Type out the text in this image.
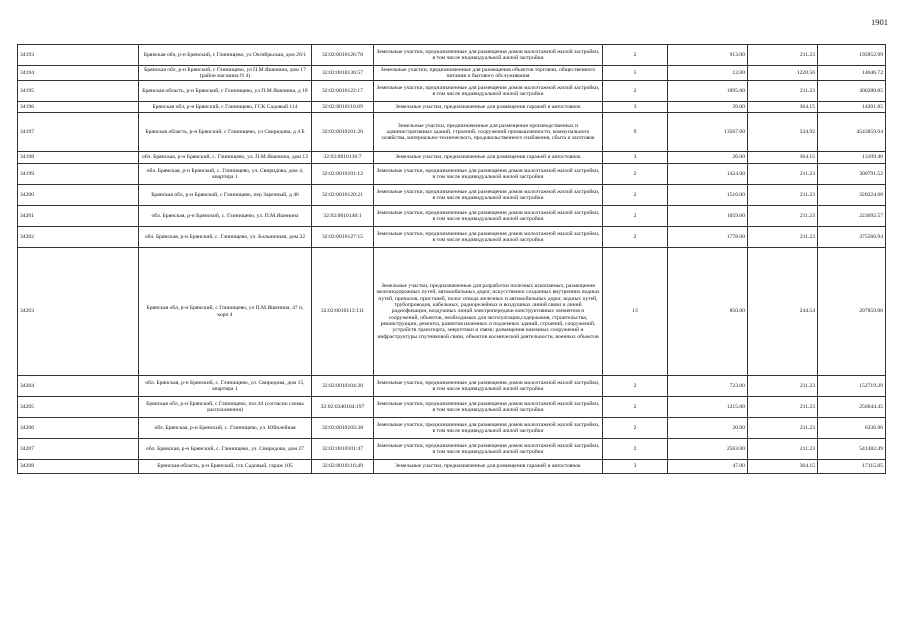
1901
34193	Брянская обл, р-н Брянский, с Глинищево, ул Октябрьская, дом 26/1	32:02:0010126:78	Земельные участки, предназначенные для размещения домов малоэтажной жилой застройки, в том числе индивидуальной жилой застройки	2	913.00	211.23	192852.99
34194	Брянская обл, р-н Брянский, с Глинищево, ул П.М.Яшенина, дом 17 (район магазина N 4)	32:02:0010136:57	Земельные участки, предназначенные для размещения объектов торговли, общественного питания и бытового обслуживания	5	12.00	1220.56	14646.72
34195	Брянская область, р-н Брянский, с Глинищево, ул П.М.Яшенина, д 18	32:02:0010122:17	Земельные участки, предназначенные для размещения домов малоэтажной жилой застройки, в том числе индивидуальной жилой застройки	2	1895.00	211.23	400280.85
34196	Брянская обл, р-н Брянский, с Глинищево, ГСК Садовый 114	32:02:0010116:69	Земельные участки, предназначенные для размещения гаражей и автостоянок	3	39.00	364.15	14201.85
34197	Брянская область, р-н Брянский, с Глинищево, ул Свиридова, д 4 Б	32:02:0010101:20	Земельные участки, предназначенные для размещения производственных и административных зданий, строений, сооружений промышленности, коммунального хозяйства, материально-технического, продовольственного снабжения, сбыта и заготовок	9	13567.00	334.92	4543859.64
34198	обл. Брянская, р-н Брянский, с. Глинищево, ул. П.М.Яшенина, дом 13	32:02:0010136:7	Земельные участки, предназначенные для размещения гаражей и автостоянок	3	36.00	364.15	13109.40
34199	обл. Брянская, р-н Брянский, с. Глинищево, ул. Свиридова, дом 4, квартира 1	32:02:0010101:12	Земельные участки, предназначенные для размещения домов малоэтажной жилой застройки, в том числе индивидуальной жилой застройки	2	1424.00	211.23	300791.52
34200	Брянская обл, р-н Брянский, с Глинищево, пер Заречный, д 46	32:02:0010120:21	Земельные участки, предназначенные для размещения домов малоэтажной жилой застройки, в том числе индивидуальной жилой застройки	2	1516.00	211.23	320224.68
34201	обл. Брянская, р-н Брянский, с. Глинищево, ул. П.М.Яшенина	32:02:0010140:1	Земельные участки, предназначенные для размещения домов малоэтажной жилой застройки, в том числе индивидуальной жилой застройки	2	1059.00	211.23	223692.57
34202	обл. Брянская, р-н Брянский, с. Глинищево, ул. Больничная, дом 22	32:02:0010127:15	Земельные участки, предназначенные для размещения домов малоэтажной жилой застройки, в том числе индивидуальной жилой застройки	2	1778.00	211.23	375566.94
34203	Брянская обл, р-н Брянский, с Глинищево, ул П.М.Яшенина, 47 п, корп 4	32:02:0010113:111	Земельные участки, предназначенные для разработки полезных ископаемых, размещения железнодорожных путей, автомобильных дорог, искусственно созданных внутренних водных путей, причалов, пристаней, полос отвода железных и автомобильных дорог, водных путей, трубопроводов, кабельных, радиорелейных и воздушных линий связи и линий радиофикации, воздушных линий электропередачи конструктивных элементов и сооружений, объектов, необходимых для эксплуатации,содержания, строительства, реконструкции, ремонта, развития наземных и подземных зданий, строений, сооружений, устройств транспорта, энергетики и связи; размещения наземных сооружений и инфраструктуры спутниковой связи, объектов космической деятельности, военных объектов	13	850.00	244.54	207859.00
34204	обл. Брянская, р-н Брянский, с. Глинищево, ул. Свиридова, дом 15, квартира 1	32:02:0010104:20	Земельные участки, предназначенные для размещения домов малоэтажной жилой застройки, в том числе индивидуальной жилой застройки	2	723.00	211.23	152719.29
34205	Брянская обл, р-н Брянский, с Глинищево, поз 44 (согласно схемы расположения)	32:02:0340104:197	Земельные участки, предназначенные для размещения домов малоэтажной жилой застройки, в том числе индивидуальной жилой застройки	2	1215.00	211.23	256644.45
34206	обл. Брянская, р-н Брянский, с. Глинищево, ул. Юбилейная	32:02:0010103:38	Земельные участки, предназначенные для размещения домов малоэтажной жилой застройки, в том числе индивидуальной жилой застройки	2	30.00	211.23	6336.90
34207	обл. Брянская, р-н Брянский, с. Глинищево, ул. Свиридова, дом 27	32:02:0010101:47	Земельные участки, предназначенные для размещения домов малоэтажной жилой застройки, в том числе индивидуальной жилой застройки	2	2563.00	211.23	541382.49
34208	Брянская область, р-н Брянский, гск Садовый, гараж 105	32:02:0010116:49	Земельные участки, предназначенные для размещения гаражей и автостоянок	3	47.00	364.15	17115.05
